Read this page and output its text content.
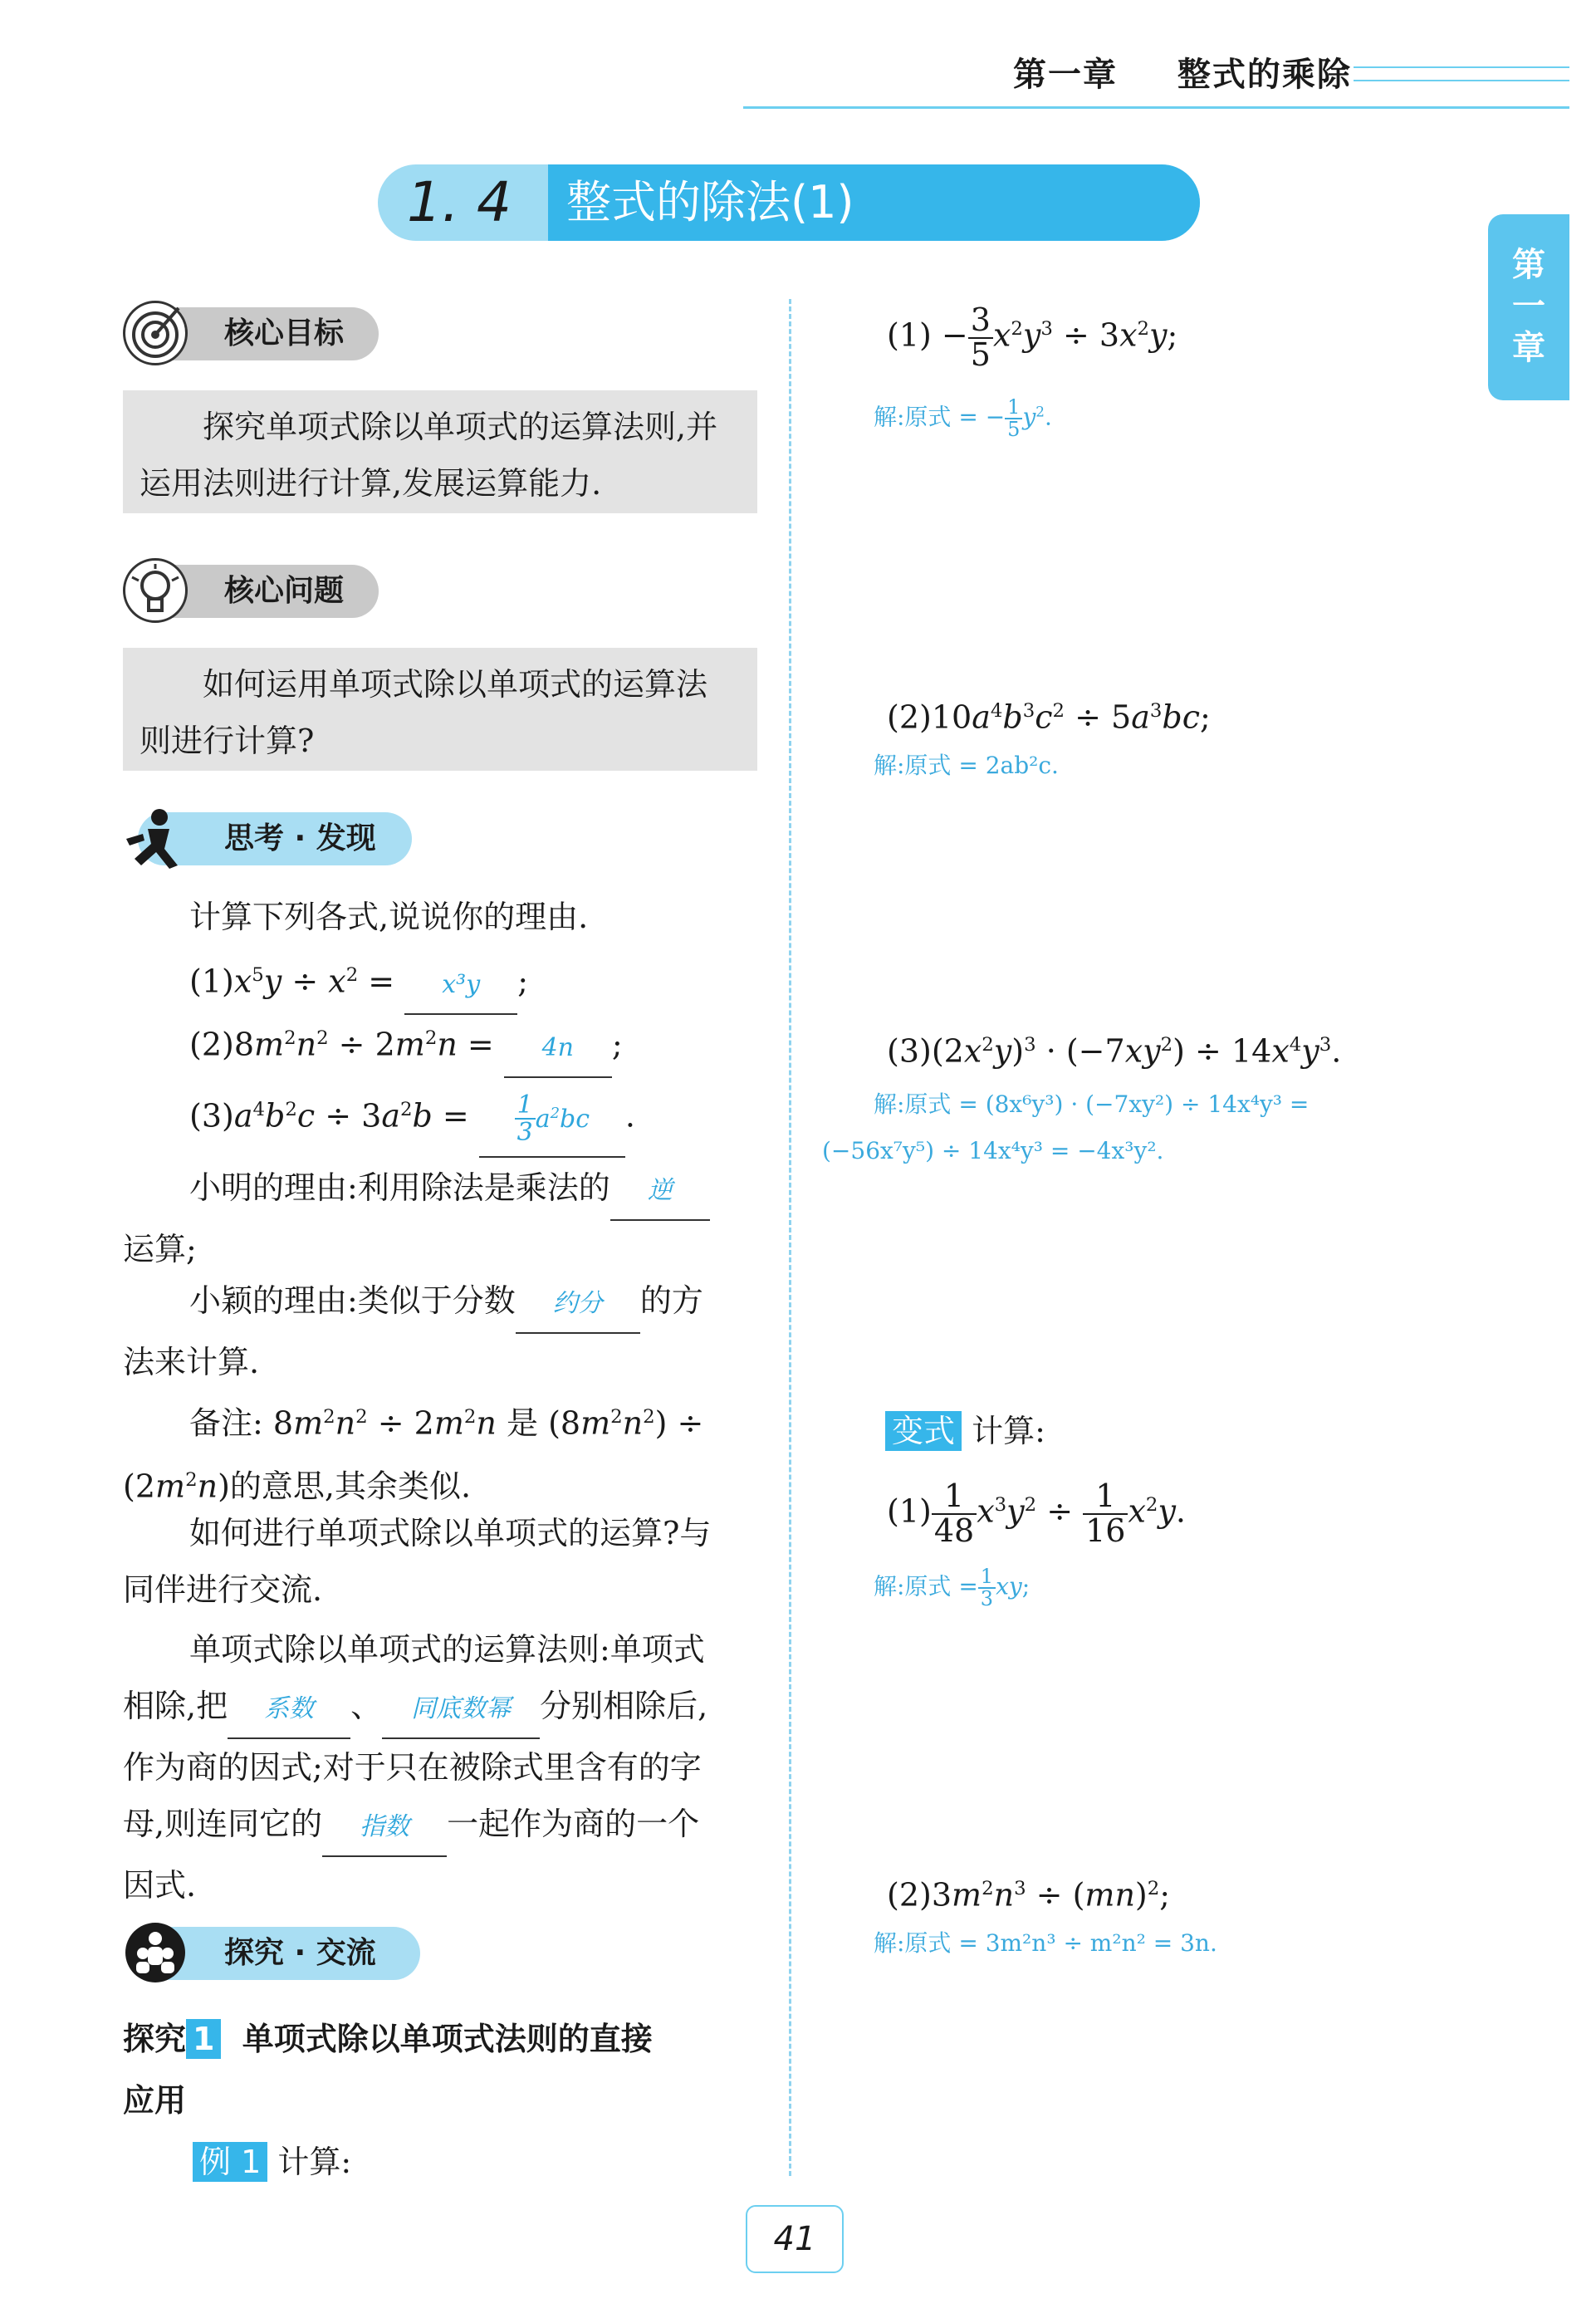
第一章 整式的乘除
第
一
章
1. 4	整式的除法(1)
核心目标
探究单项式除以单项式的运算法则,并运用法则进行计算,发展运算能力.
核心问题
如何运用单项式除以单项式的运算法则进行计算?
思考 · 发现
计算下列各式,说说你的理由.
$(1)x^5y \div x^2 = x^3y$ ;
$(2)8m^2n^2 \div 2m^2n = 4n$ ;
$(3)a^4b^2c \div 3a^2b = \frac{1}{3} a^2bc$ .
小明的理由:利用除法是乘法的 逆
运算;
小颖的理由:类似于分数 约分 的方
法来计算.
备注: $8m^2n^2 \div 2m^2n$ 是 $(8m^2n^2)$ ÷
$(2m^2n)$的意思,其余类似.
如何进行单项式除以单项式的运算?与
同伴进行交流.
单项式除以单项式的运算法则:单项式
相除,把 系数 、 同底数幂 分别相除后,
作为商的因式;对于只在被除式里含有的字
母,则连同它的 指数 一起作为商的一个
因式.
探究 · 交流
探究 1 单项式除以单项式法则的直接
应用
例 1 计算:
$(1) - \frac{3}{5} x^2y^3 \div 3x^2y$;
解:原式 = − $\frac{1}{5} y^2$.
$(2)10a^4b^3c^2 \div 5a^3bc$;
解:原式 = 2ab²c.
$(3)(2x^2y)^3 \cdot (-7xy^2) \div 14x^4y^3$.
解:原式 = (8x⁶y³) · (−7xy²) ÷ 14x⁴y³ =
(−56x⁷y⁵) ÷ 14x⁴y³ = −4x³y².
变式 计算:
$(1) \frac{1}{48} x^3y^2 \div \frac{1}{16} x^2y$.
解:原式 = $\frac{1}{3}$ xy;
$(2)3m^2n^3 \div (mn)^2$;
解:原式 = 3m²n³ ÷ m²n² = 3n.
41
